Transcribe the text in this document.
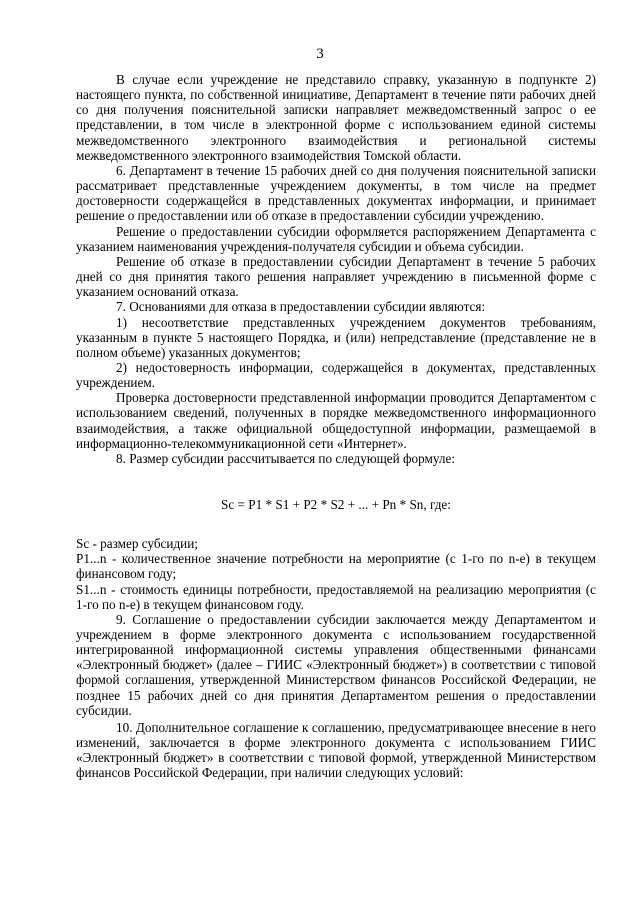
3

В случае если учреждение не представило справку, указанную в подпункте 2) настоящего пункта, по собственной инициативе, Департамент в течение пяти рабочих дней со дня получения пояснительной записки направляет межведомственный запрос о ее представлении, в том числе в электронной форме с использованием единой системы межведомственного электронного взаимодействия и региональной системы межведомственного электронного взаимодействия Томской области.

6. Департамент в течение 15 рабочих дней со дня получения пояснительной записки рассматривает представленные учреждением документы, в том числе на предмет достоверности содержащейся в представленных документах информации, и принимает решение о предоставлении или об отказе в предоставлении субсидии учреждению.

Решение о предоставлении субсидии оформляется распоряжением Департамента с указанием наименования учреждения-получателя субсидии и объема субсидии.

Решение об отказе в предоставлении субсидии Департамент в течение 5 рабочих дней со дня принятия такого решения направляет учреждению в письменной форме с указанием оснований отказа.

7. Основаниями для отказа в предоставлении субсидии являются:

1) несоответствие представленных учреждением документов требованиям, указанным в пункте 5 настоящего Порядка, и (или) непредставление (представление не в полном объеме) указанных документов;

2) недостоверность информации, содержащейся в документах, представленных учреждением.

Проверка достоверности представленной информации проводится Департаментом с использованием сведений, полученных в порядке межведомственного информационного взаимодействия, а также официальной общедоступной информации, размещаемой в информационно-телекоммуникационной сети «Интернет».

8. Размер субсидии рассчитывается по следующей формуле:

Sc = P1 * S1 + P2 * S2 + ... + Pn * Sn, где:

Sc - размер субсидии;

P1...n - количественное значение потребности на мероприятие (с 1-го по n-е) в текущем финансовом году;

S1...n - стоимость единицы потребности, предоставляемой на реализацию мероприятия (с 1-го по n-е) в текущем финансовом году.

9. Соглашение о предоставлении субсидии заключается между Департаментом и учреждением в форме электронного документа с использованием государственной интегрированной информационной системы управления общественными финансами «Электронный бюджет» (далее – ГИИС «Электронный бюджет») в соответствии с типовой формой соглашения, утвержденной Министерством финансов Российской Федерации, не позднее 15 рабочих дней со дня принятия Департаментом решения о предоставлении субсидии.

10. Дополнительное соглашение к соглашению, предусматривающее внесение в него изменений, заключается в форме электронного документа с использованием ГИИС «Электронный бюджет» в соответствии с типовой формой, утвержденной Министерством финансов Российской Федерации, при наличии следующих условий:
